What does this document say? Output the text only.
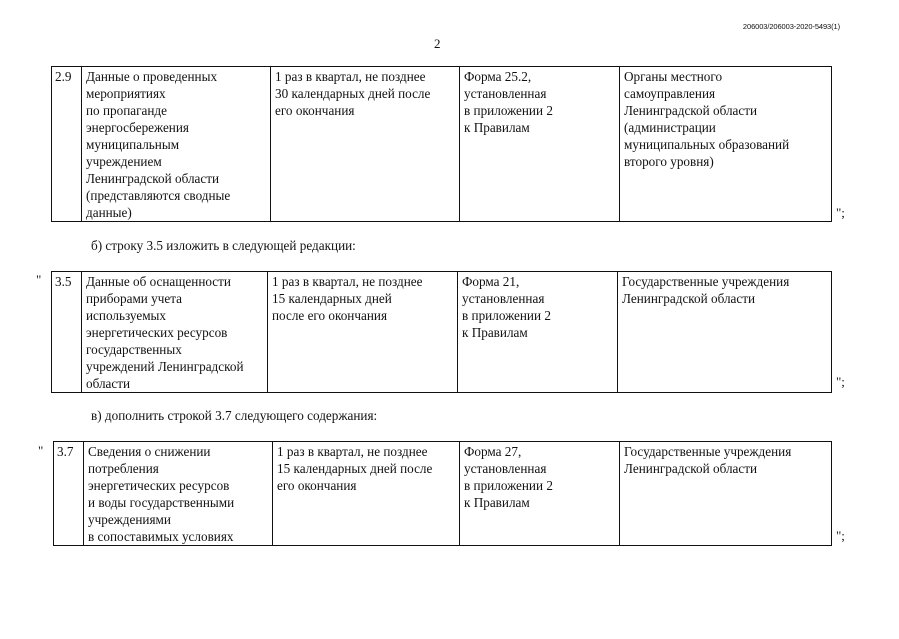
206003/206003-2020-5493(1)
2
2.9	Данные о проведенных
мероприятиях
по пропаганде
энергосбережения
муниципальным
учреждением
Ленинградской области
(представляются сводные
данные)	1 раз в квартал, не позднее
30 календарных дней после
его окончания	Форма 25.2,
установленная
в приложении 2
к Правилам	Органы местного
самоуправления
Ленинградской области
(администрации
муниципальных образований
второго уровня)
";
б) строку 3.5 изложить в следующей редакции:
" 3.5	Данные об оснащенности
приборами учета
используемых
энергетических ресурсов
государственных
учреждений Ленинградской
области	1 раз в квартал, не позднее
15 календарных дней
после его окончания	Форма 21,
установленная
в приложении 2
к Правилам	Государственные учреждения
Ленинградской области
";
в) дополнить строкой 3.7 следующего содержания:
" 3.7	Сведения о снижении
потребления
энергетических ресурсов
и воды государственными
учреждениями
в сопоставимых условиях	1 раз в квартал, не позднее
15 календарных дней после
его окончания	Форма 27,
установленная
в приложении 2
к Правилам	Государственные учреждения
Ленинградской области
";
